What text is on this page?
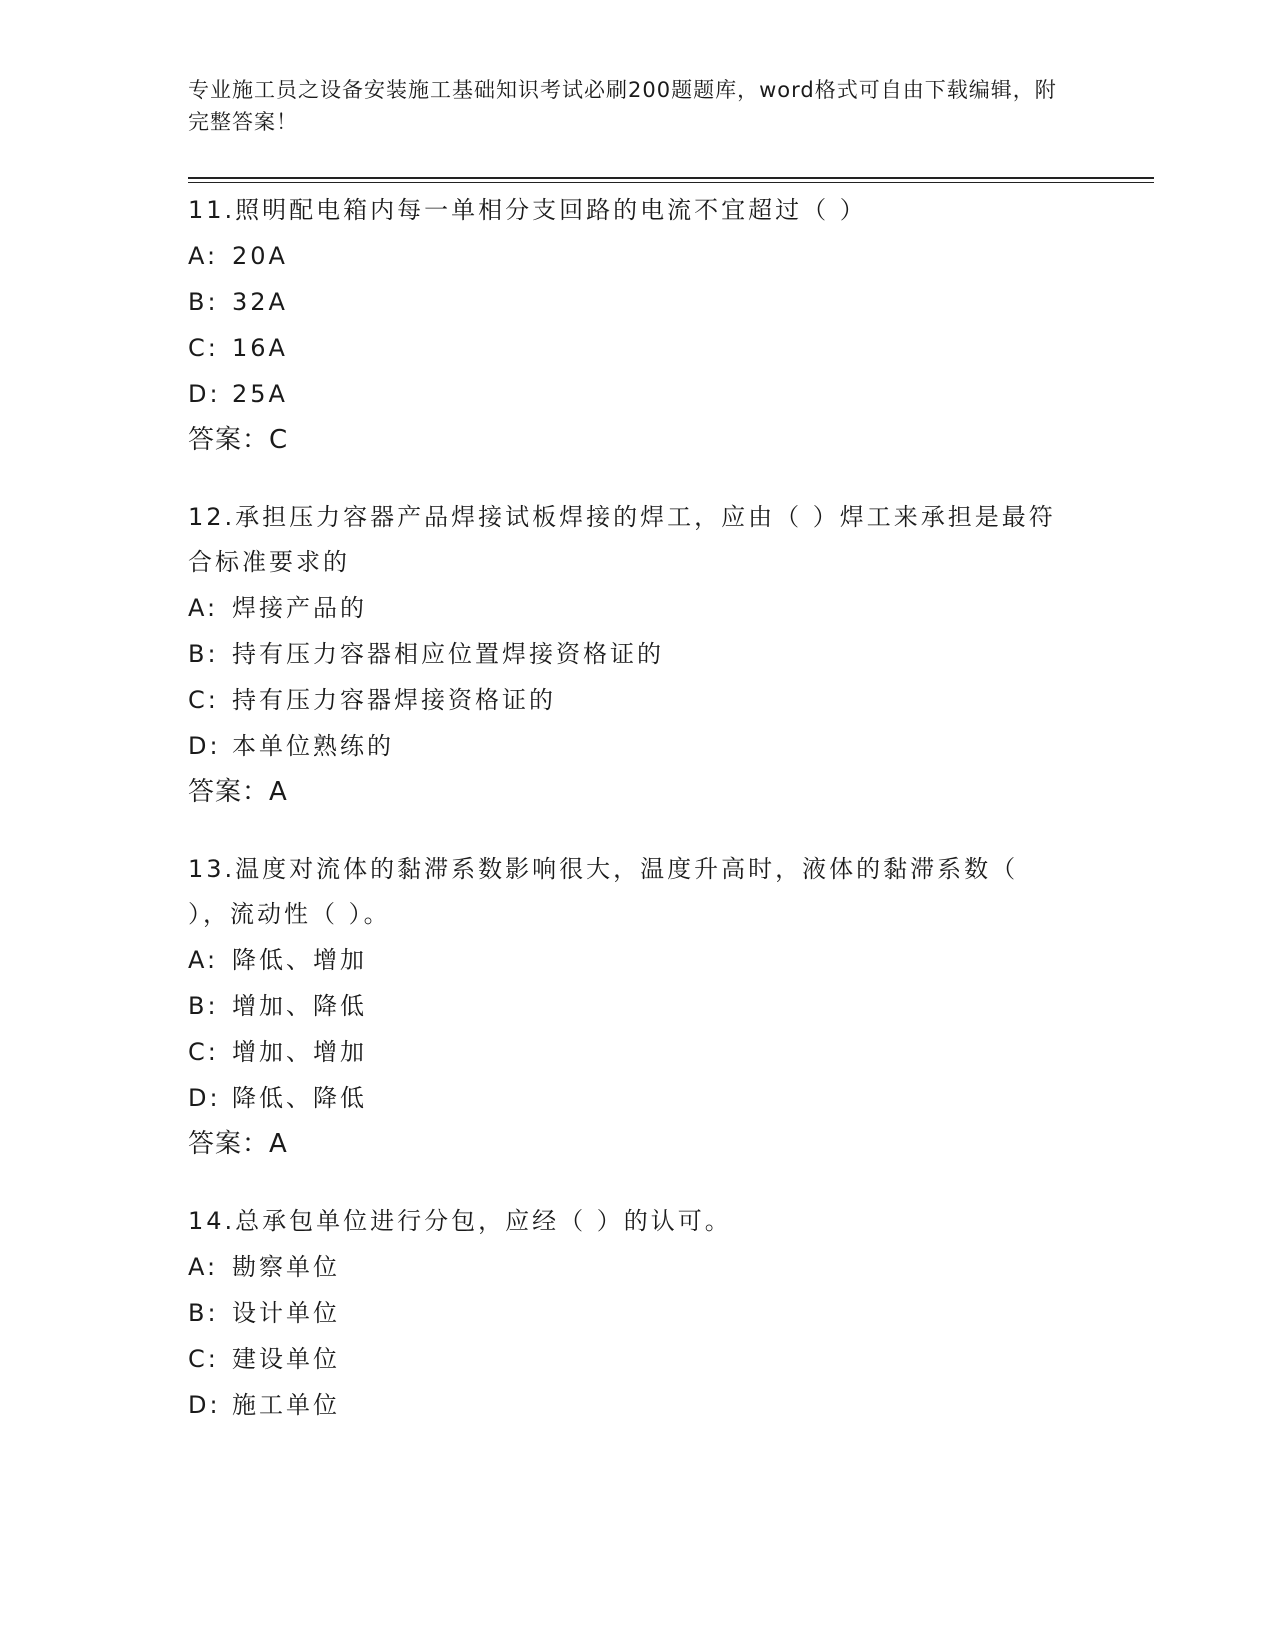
专业施工员之设备安装施工基础知识考试必刷200题题库，word格式可自由下载编辑，附完整答案！
11.照明配电箱内每一单相分支回路的电流不宜超过（ ）
A: 20A
B: 32A
C: 16A
D: 25A
答案：C
12.承担压力容器产品焊接试板焊接的焊工，应由（ ）焊工来承担是最符合标准要求的
A: 焊接产品的
B: 持有压力容器相应位置焊接资格证的
C: 持有压力容器焊接资格证的
D: 本单位熟练的
答案：A
13.温度对流体的黏滞系数影响很大，温度升高时，液体的黏滞系数（ ），流动性（ ）。
A: 降低、增加
B: 增加、降低
C: 增加、增加
D: 降低、降低
答案：A
14.总承包单位进行分包，应经（ ）的认可。
A: 勘察单位
B: 设计单位
C: 建设单位
D: 施工单位
